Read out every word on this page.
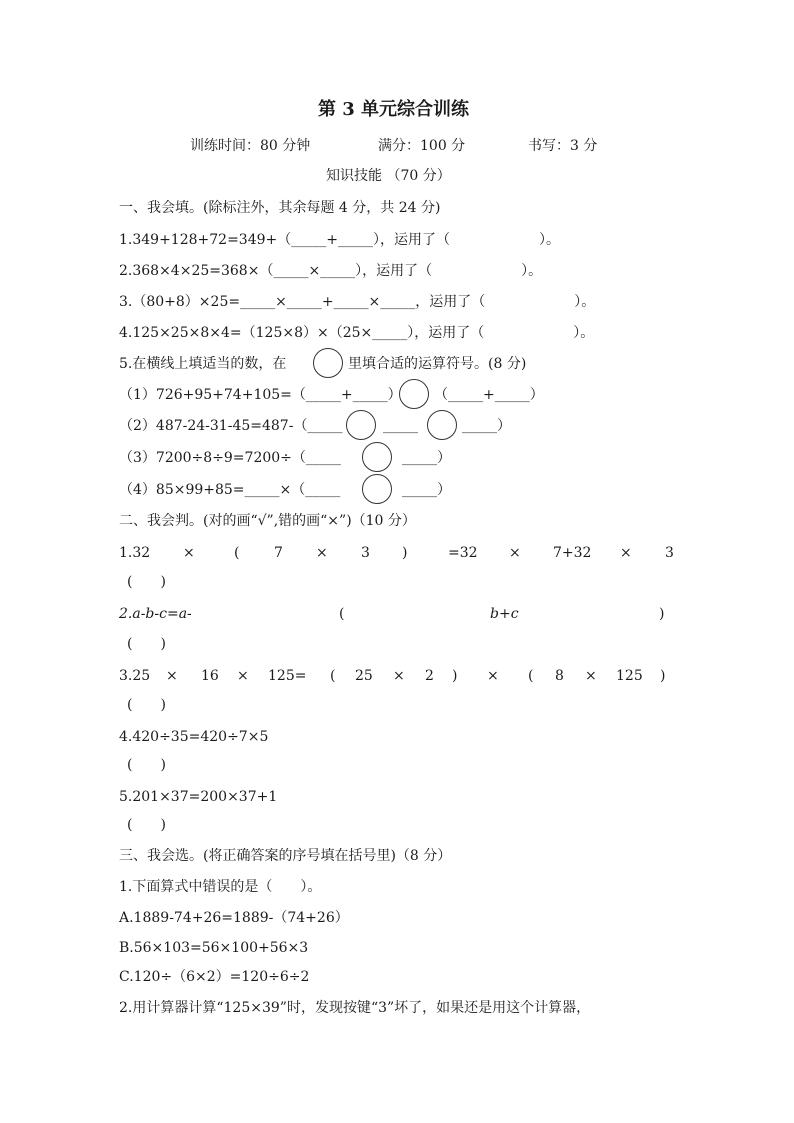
第 3 单元综合训练
训练时间：80 分钟	满分：100 分	书写：3 分
知识技能 （70 分）
一、我会填。(除标注外，其余每题 4 分，共 24 分)
1.349+128+72=349+（_____+_____），运用了（                    ）。
2.368×4×25=368×（_____×_____），运用了（                    ）。
3.（80+8）×25=_____×_____+_____×_____，运用了（                    ）。
4.125×25×8×4=（125×8）×（25×_____），运用了（                    ）。
5.在横线上填适当的数，在	里填合适的运算符号。(8 分)
（1）726+95+74+105=（_____+_____） （_____+_____）
（2）487-24-31-45=487-（_____	_____	_____）
（3）7200÷8÷9=7200÷（_____	_____）
（4）85×99+85=_____×（_____	_____）
二、我会判。(对的画“√”,错的画“×”)（10 分）
1.32 ×	( 7 × 3 )	=32 × 7+32 × 3
(　　)
2.a-b-c=a-	(	b+c	)
(　　)
3.25 × 16 × 125= ( 25 × 2 ) × ( 8 × 125 )
(　　)
4.420÷35=420÷7×5
(　　)
5.201×37=200×37+1
(　　)
三、我会选。(将正确答案的序号填在括号里)（8 分）
1.下面算式中错误的是（　　）。
A.1889-74+26=1889-（74+26）
B.56×103=56×100+56×3
C.120÷（6×2）=120÷6÷2
2.用计算器计算“125×39”时，发现按键“3”坏了，如果还是用这个计算器，
